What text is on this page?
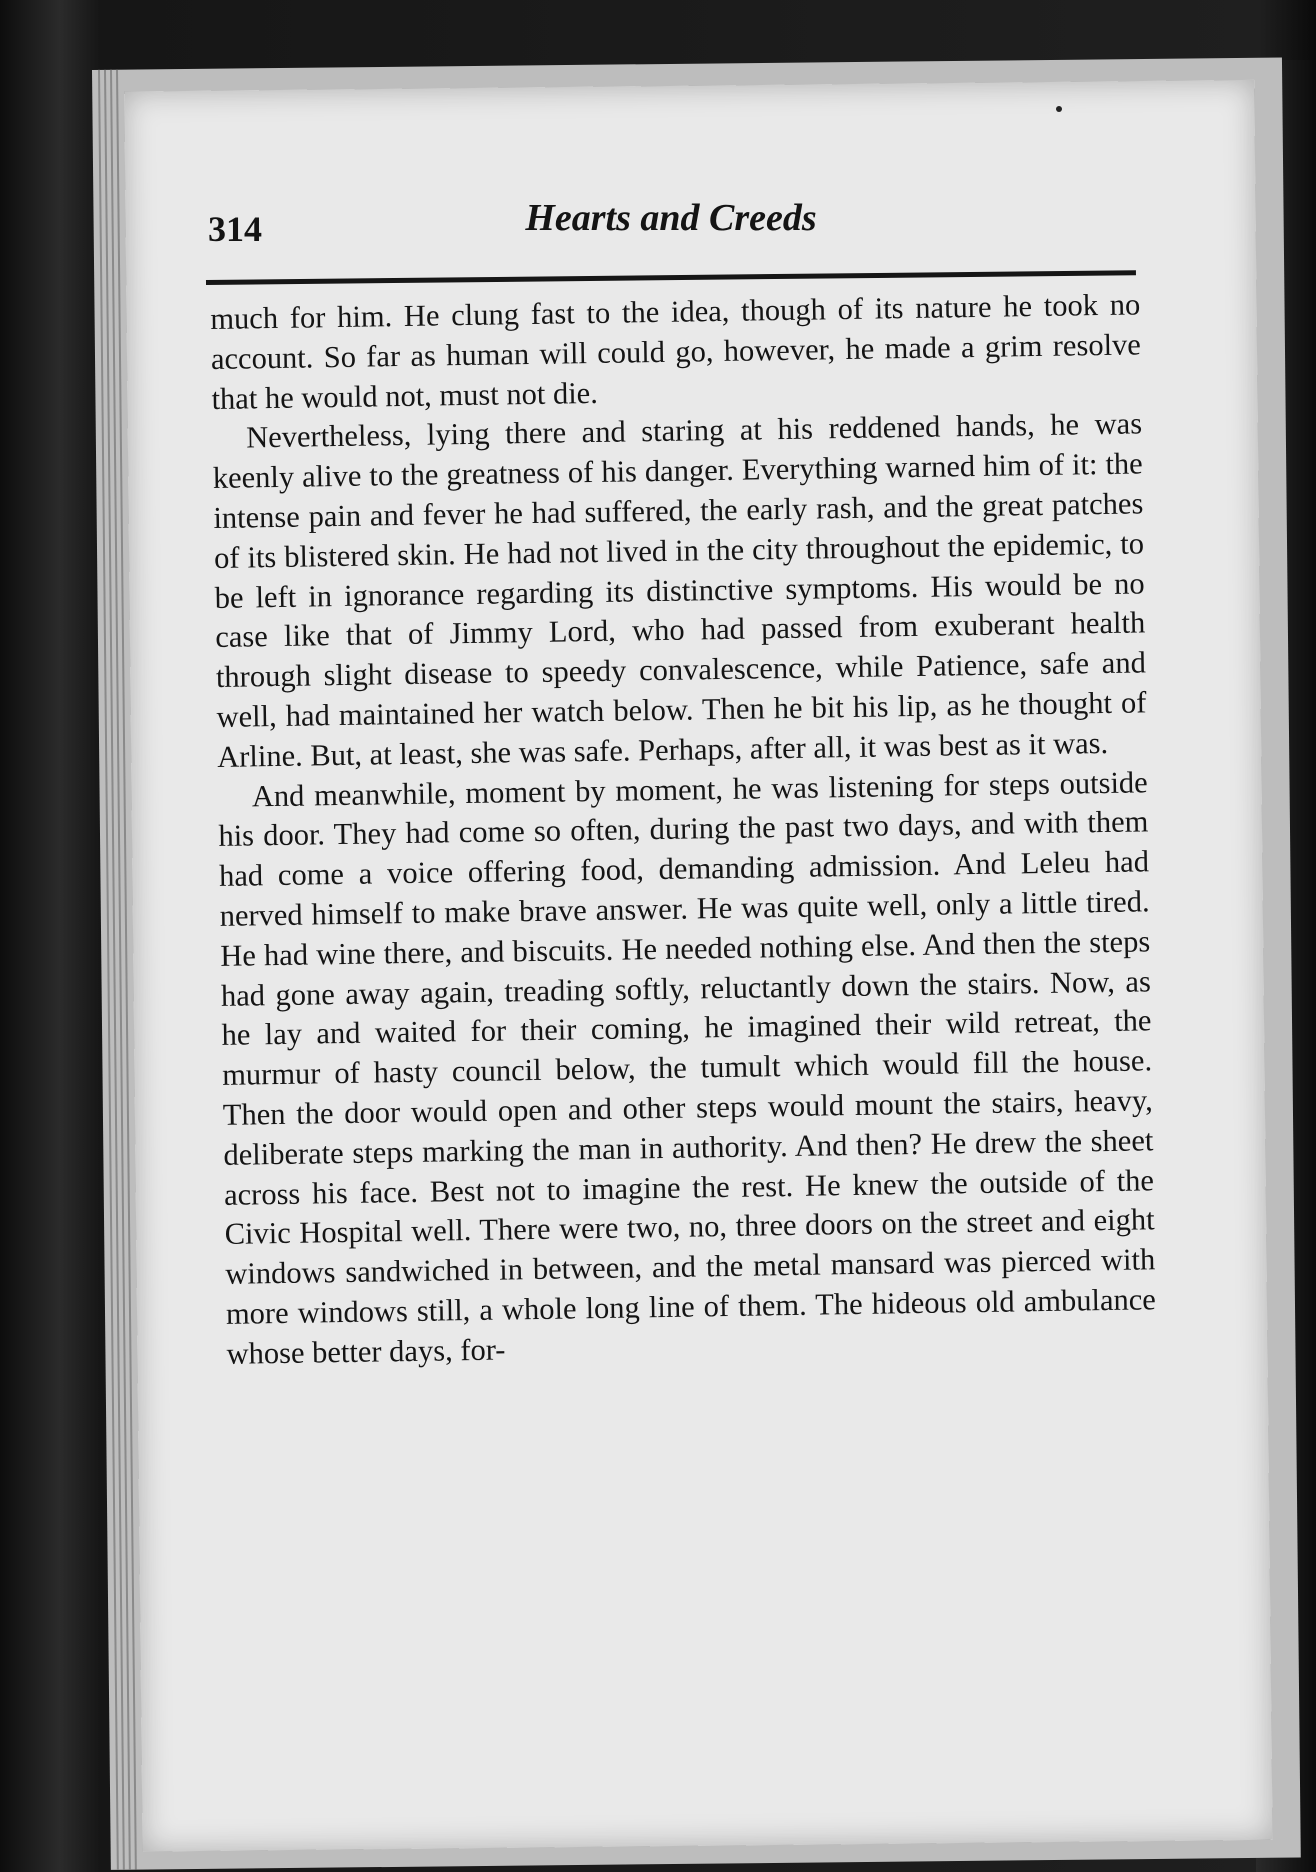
314	Hearts and Creeds

much for him. He clung fast to the idea, though of its nature he took no account. So far as human will could go, however, he made a grim resolve that he would not, must not die.

Nevertheless, lying there and staring at his reddened hands, he was keenly alive to the greatness of his danger. Everything warned him of it: the intense pain and fever he had suffered, the early rash, and the great patches of its blistered skin. He had not lived in the city throughout the epidemic, to be left in ignorance regarding its distinctive symptoms. His would be no case like that of Jimmy Lord, who had passed from exuberant health through slight disease to speedy convalescence, while Patience, safe and well, had maintained her watch below. Then he bit his lip, as he thought of Arline. But, at least, she was safe. Perhaps, after all, it was best as it was.

And meanwhile, moment by moment, he was listening for steps outside his door. They had come so often, during the past two days, and with them had come a voice offering food, demanding admission. And Leleu had nerved himself to make brave answer. He was quite well, only a little tired. He had wine there, and biscuits. He needed nothing else. And then the steps had gone away again, treading softly, reluctantly down the stairs. Now, as he lay and waited for their coming, he imagined their wild retreat, the murmur of hasty council below, the tumult which would fill the house. Then the door would open and other steps would mount the stairs, heavy, deliberate steps marking the man in authority. And then? He drew the sheet across his face. Best not to imagine the rest. He knew the outside of the Civic Hospital well. There were two, no, three doors on the street and eight windows sandwiched in between, and the metal mansard was pierced with more windows still, a whole long line of them. The hideous old ambulance whose better days, for-
